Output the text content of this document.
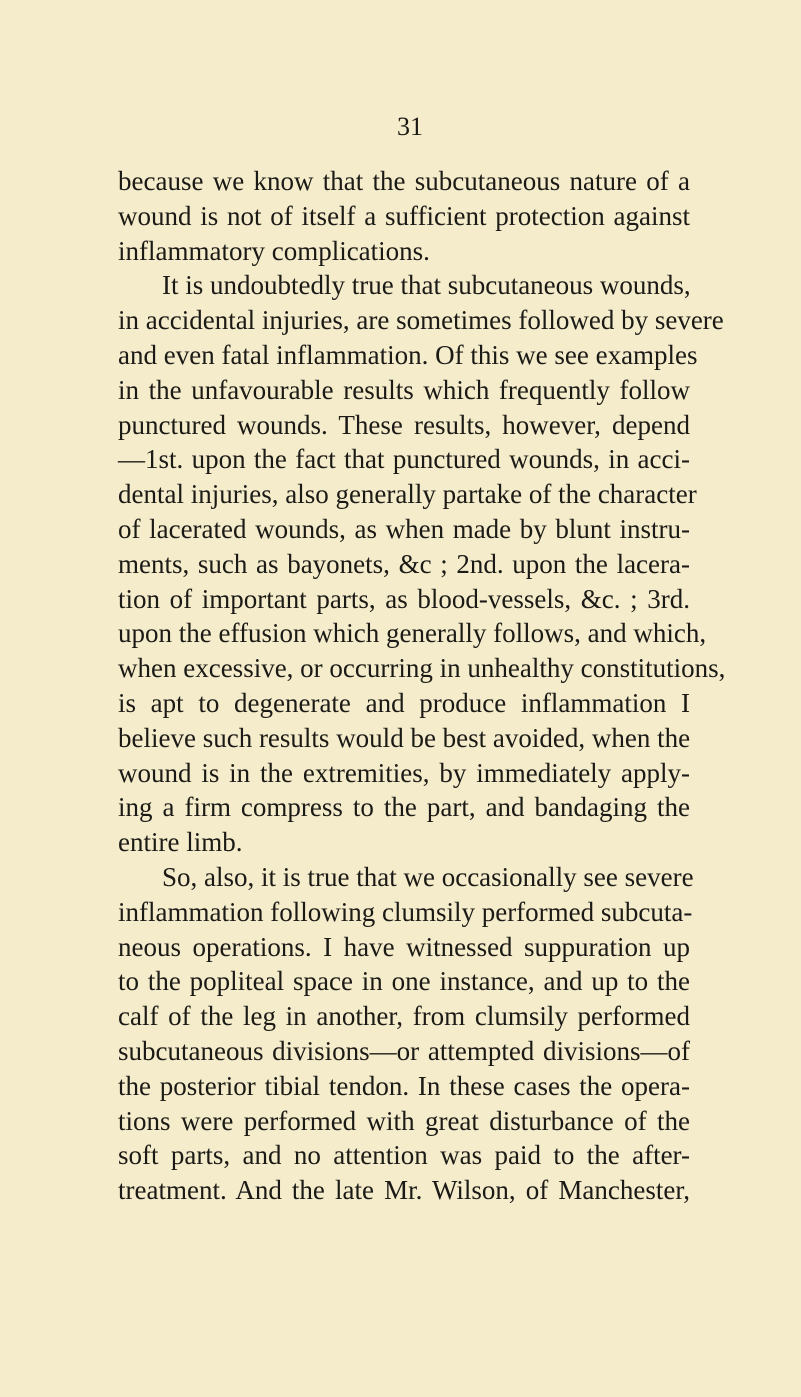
31
because we know that the subcutaneous nature of a
wound is not of itself a sufficient protection against
inflammatory complications.
It is undoubtedly true that subcutaneous wounds,
in accidental injuries, are sometimes followed by severe
and even fatal inflammation. Of this we see examples
in the unfavourable results which frequently follow
punctured wounds. These results, however, depend
—1st. upon the fact that punctured wounds, in acci-
dental injuries, also generally partake of the character
of lacerated wounds, as when made by blunt instru-
ments, such as bayonets, &c ; 2nd. upon the lacera-
tion of important parts, as blood-vessels, &c. ; 3rd.
upon the effusion which generally follows, and which,
when excessive, or occurring in unhealthy constitutions,
is apt to degenerate and produce inflammation I
believe such results would be best avoided, when the
wound is in the extremities, by immediately apply-
ing a firm compress to the part, and bandaging the
entire limb.
So, also, it is true that we occasionally see severe
inflammation following clumsily performed subcuta-
neous operations. I have witnessed suppuration up
to the popliteal space in one instance, and up to the
calf of the leg in another, from clumsily performed
subcutaneous divisions—or attempted divisions—of
the posterior tibial tendon. In these cases the opera-
tions were performed with great disturbance of the
soft parts, and no attention was paid to the after-
treatment. And the late Mr. Wilson, of Manchester,
